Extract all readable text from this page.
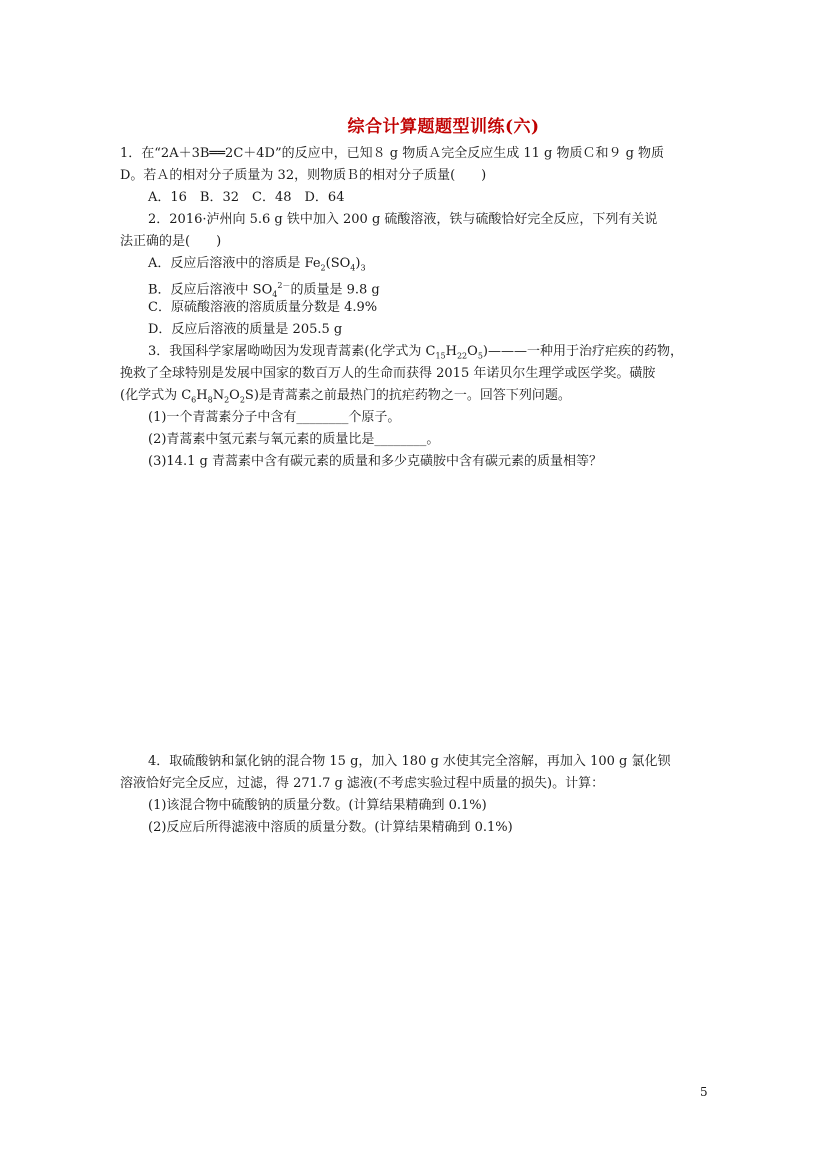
综合计算题题型训练(六)
1．在“2A＋3B══2C＋4D”的反应中，已知８ g 物质Ａ完全反应生成 11 g 物质Ｃ和９ g 物质
D。若Ａ的相对分子质量为 32，则物质Ｂ的相对分子质量(　　)
A．16　B．32　C．48　D．64
2．2016·泸州向 5.6 g 铁中加入 200 g 硫酸溶液，铁与硫酸恰好完全反应，下列有关说
法正确的是(　　)
A．反应后溶液中的溶质是 $Fe_2(SO_4)_3$
B．反应后溶液中 $SO_4^{2-}$的质量是 9.8 g
C．原硫酸溶液的溶质质量分数是 4.9%
D．反应后溶液的质量是 205.5 g
3．我国科学家屠呦呦因为发现青蒿素(化学式为 $C_{15}H_{22}O_5)———$一种用于治疗疟疾的药物，
挽救了全球特别是发展中国家的数百万人的生命而获得 2015 年诺贝尔生理学或医学奖。磺胺
(化学式为 $C_6H_8N_2O_2S$)是青蒿素之前最热门的抗疟药物之一。回答下列问题。
(1)一个青蒿素分子中含有________个原子。
(2)青蒿素中氢元素与氧元素的质量比是________。
(3)14.1 g 青蒿素中含有碳元素的质量和多少克磺胺中含有碳元素的质量相等？
4．取硫酸钠和氯化钠的混合物 15 g，加入 180 g 水使其完全溶解，再加入 100 g 氯化钡
溶液恰好完全反应，过滤，得 271.7 g 滤液(不考虑实验过程中质量的损失)。计算：
(1)该混合物中硫酸钠的质量分数。(计算结果精确到 0.1%)
(2)反应后所得滤液中溶质的质量分数。(计算结果精确到 0.1%)
5
